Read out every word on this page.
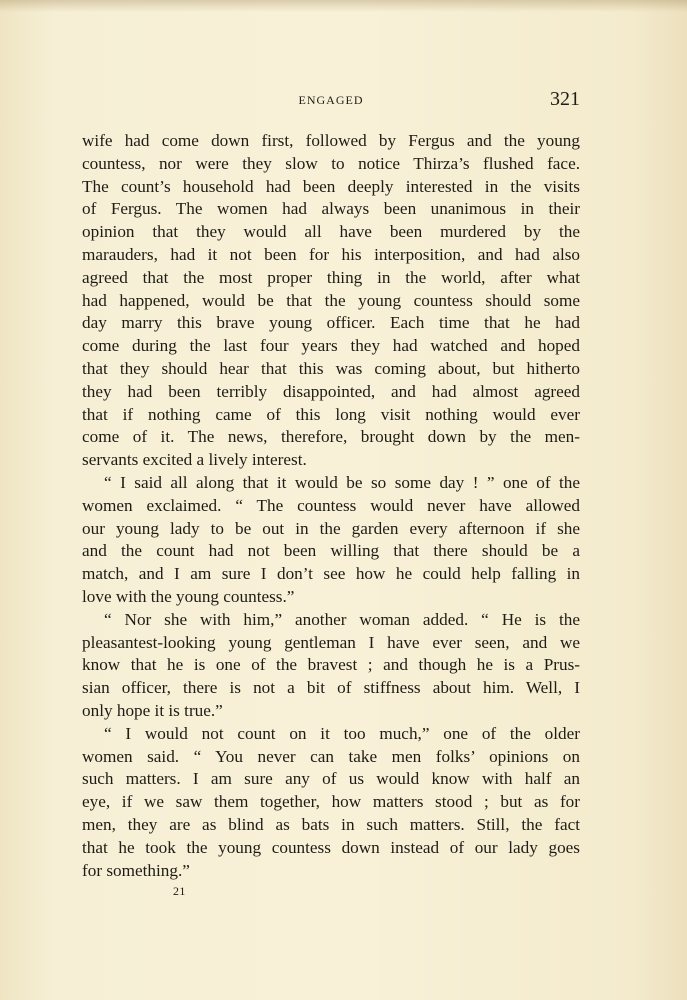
ENGAGED	321
wife had come down first, followed by Fergus and the young
countess, nor were they slow to notice Thirza’s flushed face.
The count’s household had been deeply interested in the visits
of Fergus. The women had always been unanimous in their
opinion that they would all have been murdered by the
marauders, had it not been for his interposition, and had also
agreed that the most proper thing in the world, after what
had happened, would be that the young countess should some
day marry this brave young officer. Each time that he had
come during the last four years they had watched and hoped
that they should hear that this was coming about, but hitherto
they had been terribly disappointed, and had almost agreed
that if nothing came of this long visit nothing would ever
come of it. The news, therefore, brought down by the men-
servants excited a lively interest.
“ I said all along that it would be so some day ! ” one of the
women exclaimed. “ The countess would never have allowed
our young lady to be out in the garden every afternoon if she
and the count had not been willing that there should be a
match, and I am sure I don’t see how he could help falling in
love with the young countess.”
“ Nor she with him,” another woman added. “ He is the
pleasantest-looking young gentleman I have ever seen, and we
know that he is one of the bravest ; and though he is a Prus-
sian officer, there is not a bit of stiffness about him. Well, I
only hope it is true.”
“ I would not count on it too much,” one of the older
women said. “ You never can take men folks’ opinions on
such matters. I am sure any of us would know with half an
eye, if we saw them together, how matters stood ; but as for
men, they are as blind as bats in such matters. Still, the fact
that he took the young countess down instead of our lady goes
for something.”
21
